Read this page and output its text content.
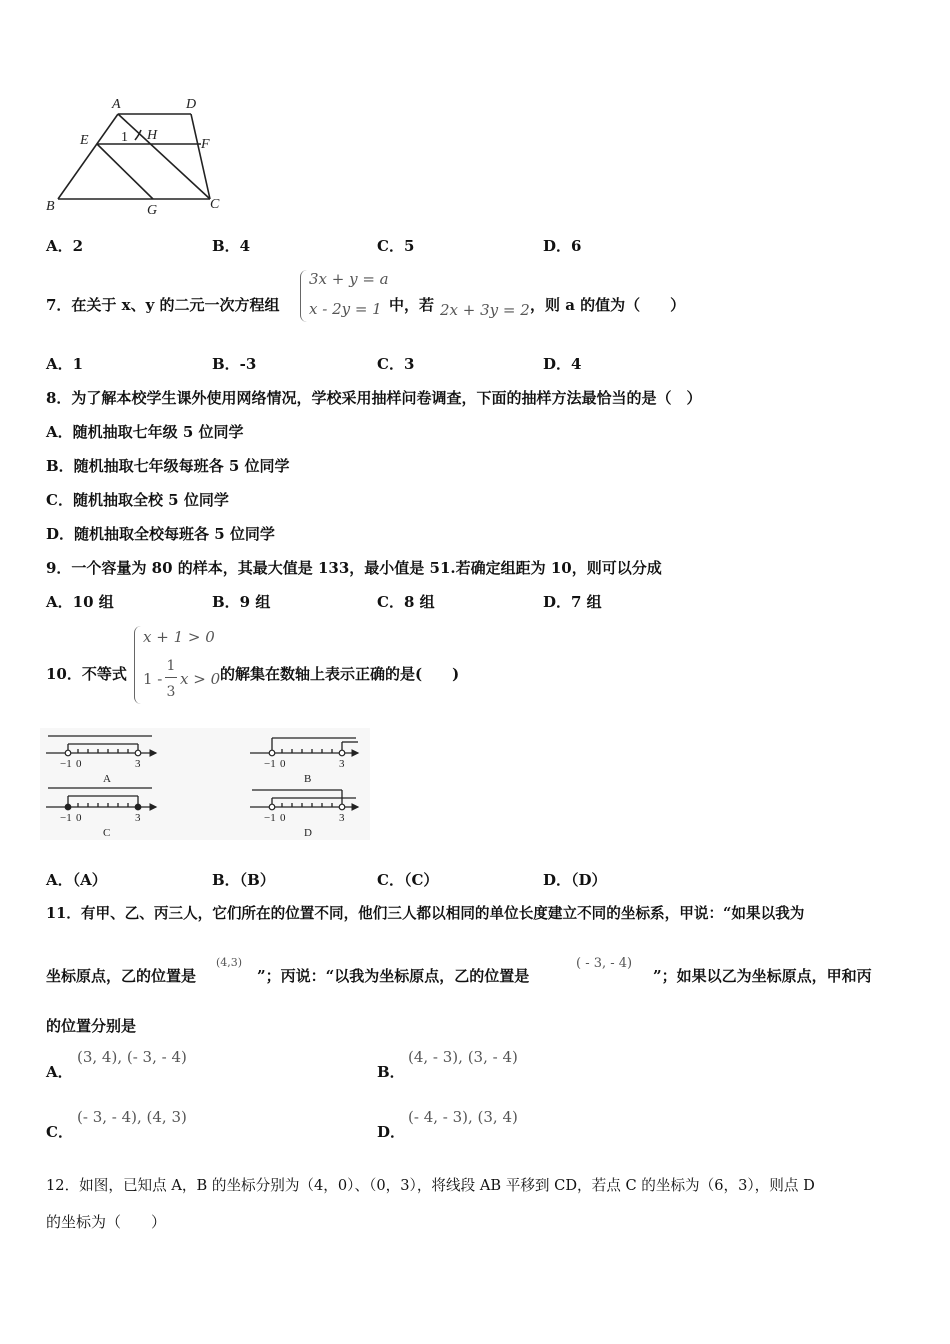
A	D
E	H
F
B	G	C
1
A．2	B．4	C．5	D．6
7．在关于 x、y 的二元一次方程组
3x + y = a
x - 2y = 1 中，若 2x + 3y = 2 ，则 a 的值为（　　）
A．1	B．-3	C．3	D．4
8．为了解本校学生课外使用网络情况，学校采用抽样问卷调查，下面的抽样方法最恰当的是（　）
A．随机抽取七年级 5 位同学
B．随机抽取七年级每班各 5 位同学
C．随机抽取全校 5 位同学
D．随机抽取全校每班各 5 位同学
9．一个容量为 80 的样本，其最大值是 133，最小值是 51.若确定组距为 10，则可以分成
A．10 组	B．9 组	C．8 组	D．7 组
10．不等式
x + 1 > 0
1 -
1
3
x > 0 的解集在数轴上表示正确的是(　　)
−1 0	3	−1 0	3
−1 0	3	−1 0	3
A	B
C	D
A．（A）	B．（B）	C．（C）	D．（D）
11．有甲、乙、丙三人，它们所在的位置不同，他们三人都以相同的单位长度建立不同的坐标系，甲说：“如果以我为
坐标原点，乙的位置是
(4,3)
”；丙说：“以我为坐标原点，乙的位置是
( - 3, - 4)
”；如果以乙为坐标原点，甲和丙
的位置分别是
A．
(3, 4), (- 3, - 4)
B．
(4, - 3), (3, - 4)
C．
(- 3, - 4), (4, 3)
D．
(- 4, - 3), (3, 4)
12．如图，已知点 A，B 的坐标分别为（4，0）、（0，3），将线段 AB 平移到 CD，若点 C 的坐标为（6，3），则点 D
的坐标为（　　）
